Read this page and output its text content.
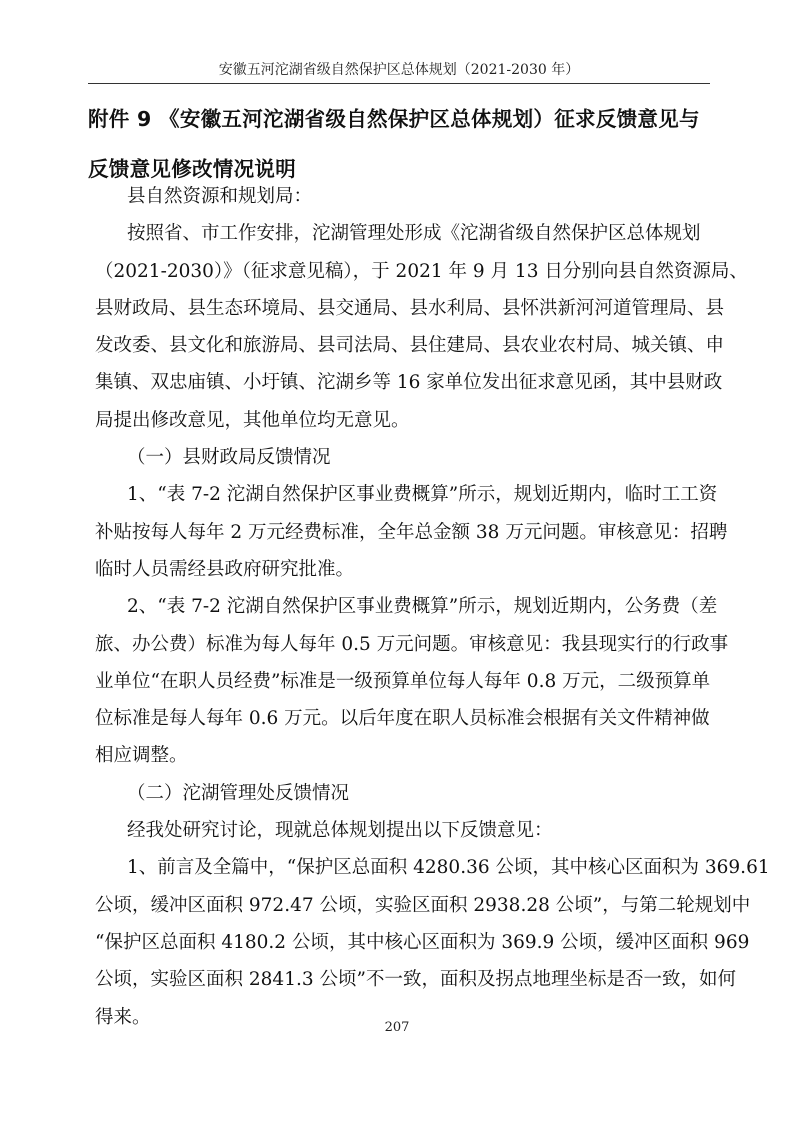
安徽五河沱湖省级自然保护区总体规划（2021-2030 年）
附件 9 《安徽五河沱湖省级自然保护区总体规划）征求反馈意见与
反馈意见修改情况说明
县自然资源和规划局：
按照省、市工作安排，沱湖管理处形成《沱湖省级自然保护区总体规划
（2021-2030）》（征求意见稿），于 2021 年 9 月 13 日分别向县自然资源局、
县财政局、县生态环境局、县交通局、县水利局、县怀洪新河河道管理局、县
发改委、县文化和旅游局、县司法局、县住建局、县农业农村局、城关镇、申
集镇、双忠庙镇、小圩镇、沱湖乡等 16 家单位发出征求意见函，其中县财政
局提出修改意见，其他单位均无意见。
（一）县财政局反馈情况
1、“表 7-2 沱湖自然保护区事业费概算”所示，规划近期内，临时工工资
补贴按每人每年 2 万元经费标准，全年总金额 38 万元问题。审核意见：招聘
临时人员需经县政府研究批准。
2、“表 7-2 沱湖自然保护区事业费概算”所示，规划近期内，公务费（差
旅、办公费）标准为每人每年 0.5 万元问题。审核意见：我县现实行的行政事
业单位“在职人员经费”标准是一级预算单位每人每年 0.8 万元，二级预算单
位标准是每人每年 0.6 万元。以后年度在职人员标准会根据有关文件精神做
相应调整。
（二）沱湖管理处反馈情况
经我处研究讨论，现就总体规划提出以下反馈意见：
1、前言及全篇中，“保护区总面积 4280.36 公顷，其中核心区面积为 369.61
公顷，缓冲区面积 972.47 公顷，实验区面积 2938.28 公顷”，与第二轮规划中
“保护区总面积 4180.2 公顷，其中核心区面积为 369.9 公顷，缓冲区面积 969
公顷，实验区面积 2841.3 公顷”不一致，面积及拐点地理坐标是否一致，如何
得来。	207
